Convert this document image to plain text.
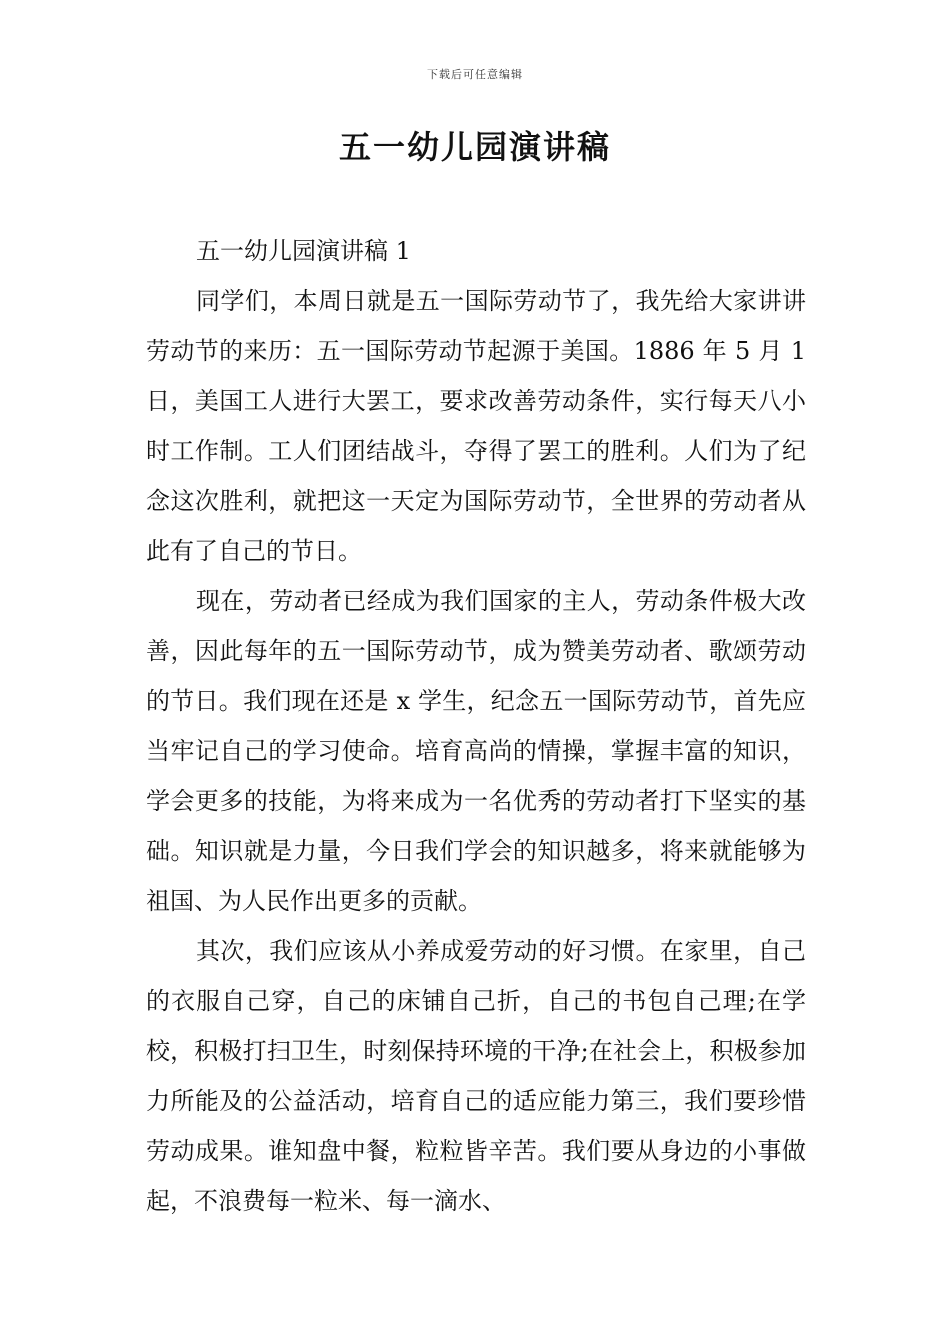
下载后可任意编辑
五一幼儿园演讲稿

五一幼儿园演讲稿 1

同学们，本周日就是五一国际劳动节了，我先给大家讲讲劳动节的来历：五一国际劳动节起源于美国。1886 年 5 月 1 日，美国工人进行大罢工，要求改善劳动条件，实行每天八小时工作制。工人们团结战斗，夺得了罢工的胜利。人们为了纪念这次胜利，就把这一天定为国际劳动节，全世界的劳动者从此有了自己的节日。

现在，劳动者已经成为我们国家的主人，劳动条件极大改善，因此每年的五一国际劳动节，成为赞美劳动者、歌颂劳动的节日。我们现在还是 x 学生，纪念五一国际劳动节，首先应当牢记自己的学习使命。培育高尚的情操，掌握丰富的知识，学会更多的技能，为将来成为一名优秀的劳动者打下坚实的基础。知识就是力量，今日我们学会的知识越多，将来就能够为祖国、为人民作出更多的贡献。

其次，我们应该从小养成爱劳动的好习惯。在家里，自己的衣服自己穿，自己的床铺自己折，自己的书包自己理;在学校，积极打扫卫生，时刻保持环境的干净;在社会上，积极参加力所能及的公益活动，培育自己的适应能力第三，我们要珍惜劳动成果。谁知盘中餐，粒粒皆辛苦。我们要从身边的小事做起，不浪费每一粒米、每一滴水、
